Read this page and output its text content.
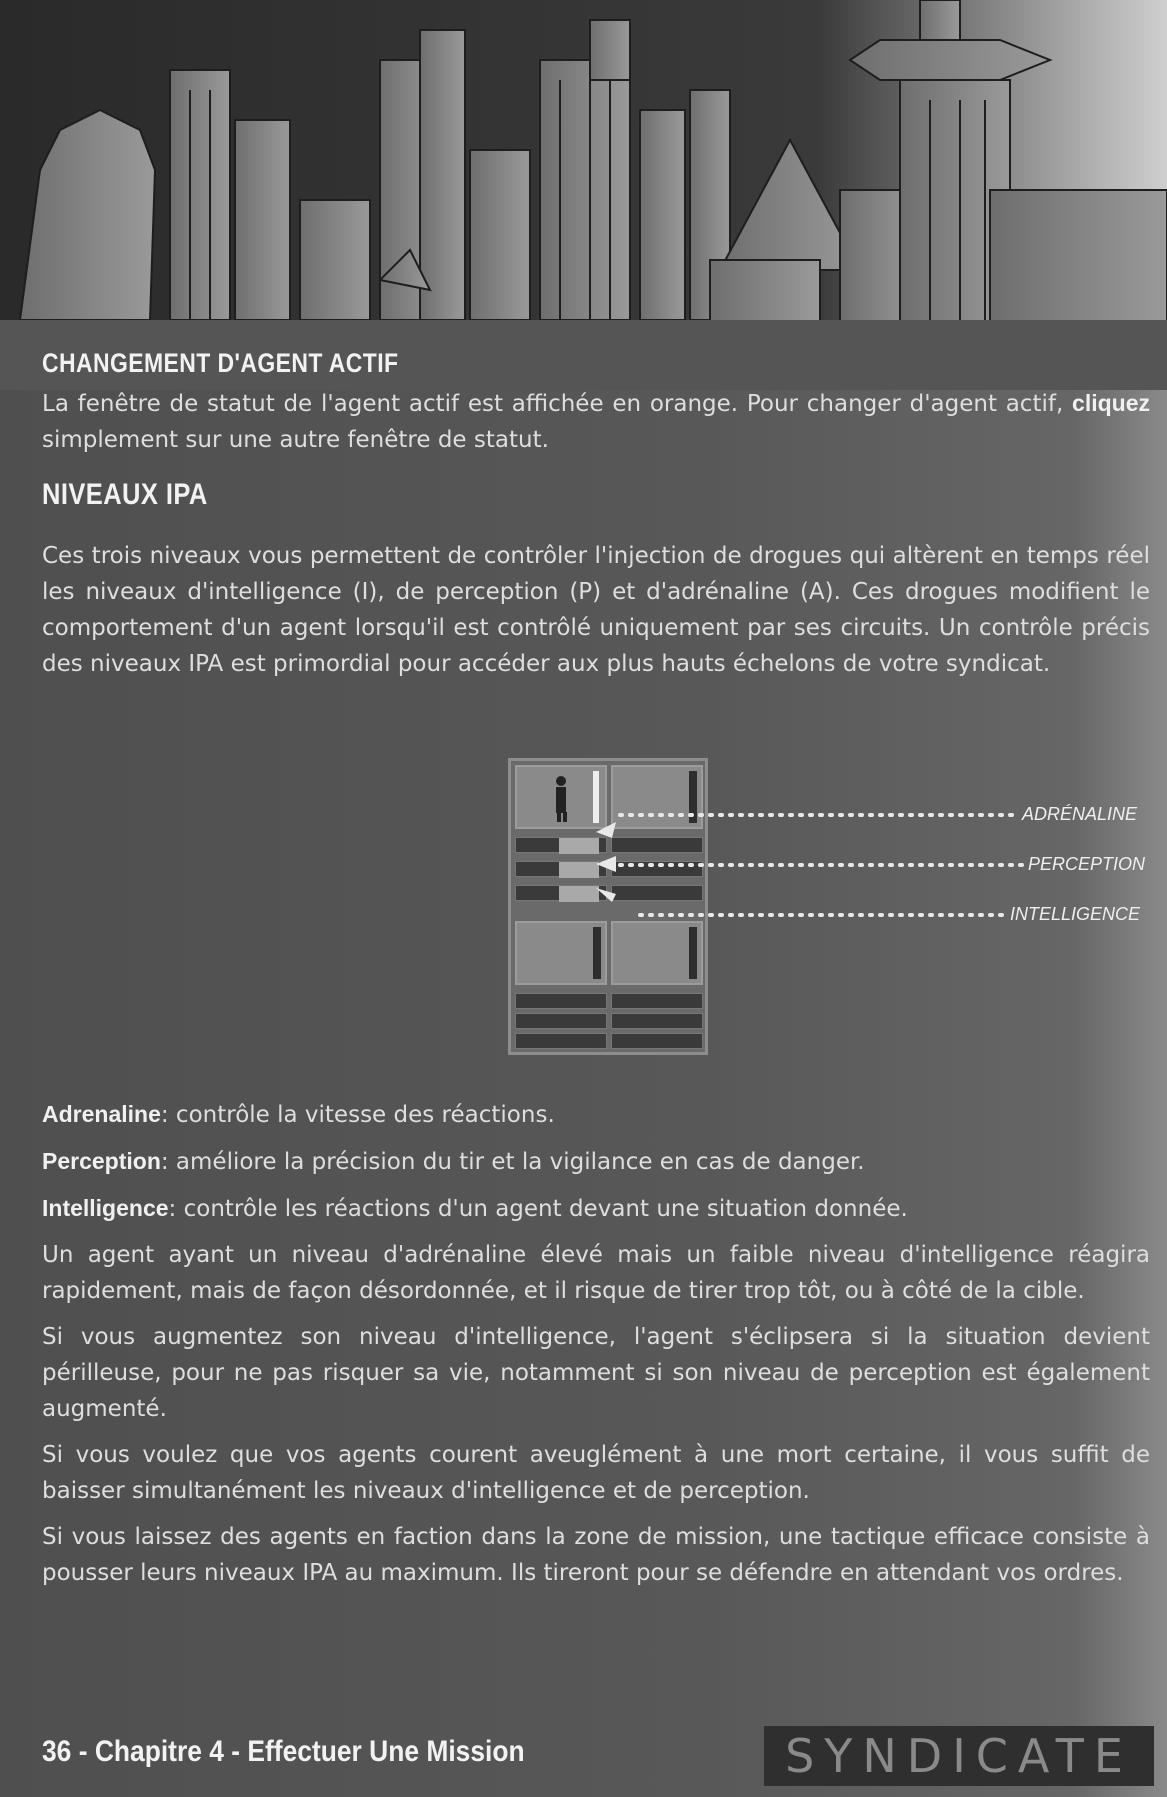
CHANGEMENT D'AGENT ACTIF

La fenêtre de statut de l'agent actif est affichée en orange. Pour changer d'agent actif, cliquez simplement sur une autre fenêtre de statut.

NIVEAUX IPA

Ces trois niveaux vous permettent de contrôler l'injection de drogues qui altèrent en temps réel les niveaux d'intelligence (I), de perception (P) et d'adrénaline (A). Ces drogues modifient le comportement d'un agent lorsqu'il est contrôlé uniquement par ses circuits. Un contrôle précis des niveaux IPA est primordial pour accéder aux plus hauts échelons de votre syndicat.

ADRÉNALINE
PERCEPTION
INTELLIGENCE

Adrenaline: contrôle la vitesse des réactions.

Perception: améliore la précision du tir et la vigilance en cas de danger.

Intelligence: contrôle les réactions d'un agent devant une situation donnée.

Un agent ayant un niveau d'adrénaline élevé mais un faible niveau d'intelligence réagira rapidement, mais de façon désordonnée, et il risque de tirer trop tôt, ou à côté de la cible.

Si vous augmentez son niveau d'intelligence, l'agent s'éclipsera si la situation devient périlleuse, pour ne pas risquer sa vie, notamment si son niveau de perception est également augmenté.

Si vous voulez que vos agents courent aveuglément à une mort certaine, il vous suffit de baisser simultanément les niveaux d'intelligence et de perception.

Si vous laissez des agents en faction dans la zone de mission, une tactique efficace consiste à pousser leurs niveaux IPA au maximum. Ils tireront pour se défendre en attendant vos ordres.

36 - Chapitre 4 - Effectuer Une Mission	SYNDICATE
